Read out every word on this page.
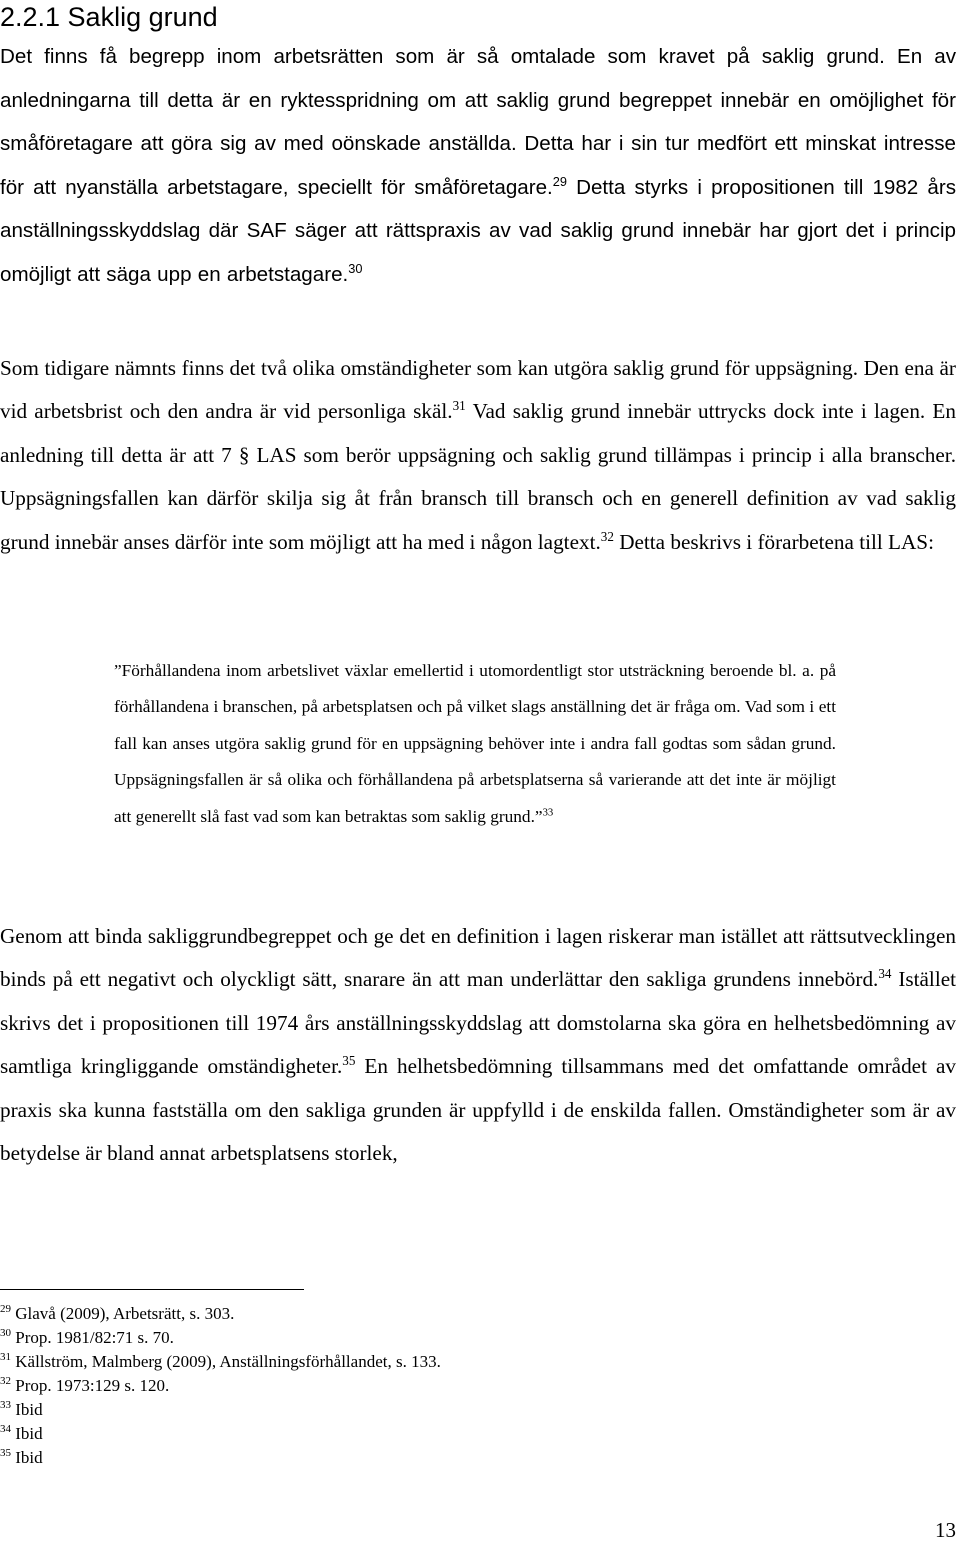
2.2.1 Saklig grund

Det finns få begrepp inom arbetsrätten som är så omtalade som kravet på saklig grund. En av anledningarna till detta är en ryktesspridning om att saklig grund begreppet innebär en omöjlighet för småföretagare att göra sig av med oönskade anställda. Detta har i sin tur medfört ett minskat intresse för att nyanställa arbetstagare, speciellt för småföretagare.$^{29}$ Detta styrks i propositionen till 1982 års anställningsskyddslag där SAF säger att rättspraxis av vad saklig grund innebär har gjort det i princip omöjligt att säga upp en arbetstagare.$^{30}$

Som tidigare nämnts finns det två olika omständigheter som kan utgöra saklig grund för uppsägning. Den ena är vid arbetsbrist och den andra är vid personliga skäl.$^{31}$ Vad saklig grund innebär uttrycks dock inte i lagen. En anledning till detta är att 7 § LAS som berör uppsägning och saklig grund tillämpas i princip i alla branscher. Uppsägningsfallen kan därför skilja sig åt från bransch till bransch och en generell definition av vad saklig grund innebär anses därför inte som möjligt att ha med i någon lagtext.$^{32}$ Detta beskrivs i förarbetena till LAS:

”Förhållandena inom arbetslivet växlar emellertid i utomordentligt stor utsträckning beroende bl. a. på förhållandena i branschen, på arbetsplatsen och på vilket slags anställning det är fråga om. Vad som i ett fall kan anses utgöra saklig grund för en uppsägning behöver inte i andra fall godtas som sådan grund. Uppsägningsfallen är så olika och förhållandena på arbetsplatserna så varierande att det inte är möjligt att generellt slå fast vad som kan betraktas som saklig grund.”$^{33}$

Genom att binda sakliggrundbegreppet och ge det en definition i lagen riskerar man istället att rättsutvecklingen binds på ett negativt och olyckligt sätt, snarare än att man underlättar den sakliga grundens innebörd.$^{34}$ Istället skrivs det i propositionen till 1974 års anställningsskyddslag att domstolarna ska göra en helhetsbedömning av samtliga kringliggande omständigheter.$^{35}$ En helhetsbedömning tillsammans med det omfattande området av praxis ska kunna fastställa om den sakliga grunden är uppfylld i de enskilda fallen. Omständigheter som är av betydelse är bland annat arbetsplatsens storlek,

$^{29}$ Glavå (2009), Arbetsrätt, s. 303.
$^{30}$ Prop. 1981/82:71 s. 70.
$^{31}$ Källström, Malmberg (2009), Anställningsförhållandet, s. 133.
$^{32}$ Prop. 1973:129 s. 120.
$^{33}$ Ibid
$^{34}$ Ibid
$^{35}$ Ibid
13
